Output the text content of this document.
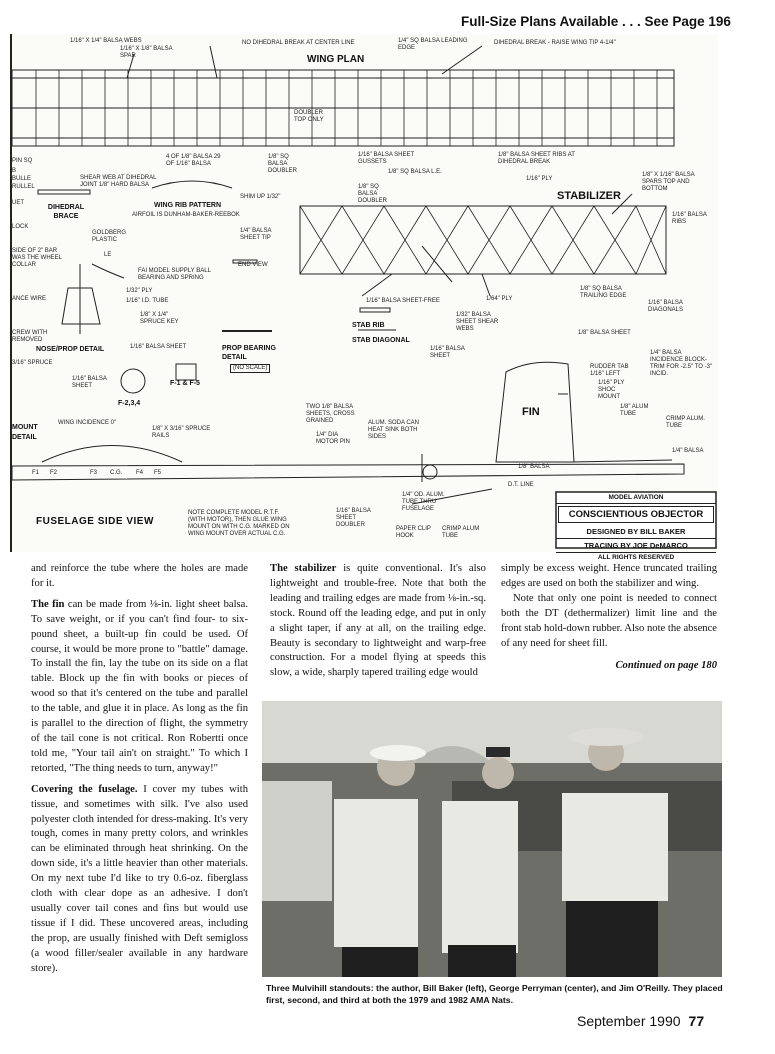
Full-Size Plans Available . . . See Page 196
WING PLAN
STABILIZER
FIN
FUSELAGE SIDE VIEW
1/16" X 1/4" BALSA WEBS
1/16" X 1/8" BALSA SPAR
NO DIHEDRAL BREAK AT CENTER LINE	1/4" SQ BALSA LEADING EDGE
DIHEDRAL BREAK - RAISE WING TIP 4-1/4"
DOUBLER TOP ONLY
SHEAR WEB AT DIHEDRAL JOINT 1/8" HARD BALSA
DIHEDRAL BRACE
4 OF 1/8" BALSA 29 OF 1/16" BALSA
WING RIB PATTERN
AIRFOIL IS DUNHAM-BAKER-REEBOK
1/8" SQ BALSA DOUBLER
SHIM UP 1/32"
1/16" BALSA SHEET GUSSETS
1/8" SQ BALSA L.E.
1/8" SQ BALSA DOUBLER
1/8" BALSA SHEET RIBS AT DIHEDRAL BREAK
1/16" PLY
1/8" X 1/16" BALSA SPARS TOP AND BOTTOM
1/16" BALSA RIBS
1/4" BALSA SHEET TIP
END VIEW
GOLDBERG PLASTIC
SIDE OF 2" BAR WAS THE WHEEL COLLAR
LE
FAI MODEL SUPPLY BALL BEARING AND SPRING
1/32" PLY
1/16" I.D. TUBE
1/8" X 1/4" SPRUCE KEY
NOSE/PROP DETAIL	1/16" BALSA SHEET
1/16" BALSA SHEET	F-1 & F-5
F-2,3,4
PROP BEARING DETAIL
(NO SCALE)
STAB RIB
STAB DIAGONAL
1/16" BALSA SHEET-FREE
1/32" BALSA SHEET SHEAR WEBS
1/64" PLY
1/8" SQ BALSA TRAILING EDGE
1/16" BALSA DIAGONALS
1/8" BALSA SHEET
1/16" BALSA SHEET
RUDDER TAB 1/16" LEFT
1/16" PLY SHOC MOUNT
1/8" ALUM TUBE
1/4" BALSA INCIDENCE BLOCK-TRIM FOR -2.5" TO -3" INCID.
CRIMP ALUM. TUBE
1/4" BALSA
TWO 1/8" BALSA SHEETS, CROSS GRAINED
1/4" DIA MOTOR PIN
ALUM. SODA CAN HEAT SINK BOTH SIDES
1/8" BALSA
D.T. LINE
1/8" X 3/16" SPRUCE RAILS
WING INCIDENCE 0"
3/16" SPRUCE
MOUNT
DETAIL
1/16" BALSA SHEET DOUBLER
1/4" OD. ALUM. TUBE THRU FUSELAGE
PAPER CLIP HOOK
CRIMP ALUM TUBE
NOTE COMPLETE MODEL R.T.F. (WITH MOTOR), THEN GLUE WING MOUNT ON WITH C.G. MARKED ON WING MOUNT OVER ACTUAL C.G.
PIN SQ
B
BULLE
RULLEL
UET
LOCK
ANCE WIRE
CREW WITH REMOVED
F1 F2	F3 C.G. F4 F5
MODEL AVIATION
CONSCIENTIOUS OBJECTOR
DESIGNED BY BILL BAKER
TRACING BY JOE DeMARCO
ALL RIGHTS RESERVED

and reinforce the tube where the holes are made for it.

The fin can be made from ⅛-in. light sheet balsa. To save weight, or if you can't find four- to six-pound sheet, a built-up fin could be used. Of course, it would be more prone to "battle" damage. To install the fin, lay the tube on its side on a flat table. Block up the fin with books or pieces of wood so that it's centered on the tube and parallel to the table, and glue it in place. As long as the fin is parallel to the direction of flight, the symmetry of the tail cone is not critical. Ron Robertti once told me, "Your tail ain't on straight." To which I retorted, "The thing needs to turn, anyway!"

Covering the fuselage. I cover my tubes with tissue, and sometimes with silk. I've also used polyester cloth intended for dress-making. It's very tough, comes in many pretty colors, and wrinkles can be eliminated through heat shrinking. On the down side, it's a little heavier than other materials. On my next tube I'd like to try 0.6-oz. fiberglass cloth with clear dope as an adhesive. I don't usually cover tail cones and fins but would use tissue if I did. These uncovered areas, including the prop, are usually finished with Deft semigloss (a wood filler/sealer available in any hardware store).

The stabilizer is quite conventional. It's also lightweight and trouble-free. Note that both the leading and trailing edges are made from ⅛-in.-sq. stock. Round off the leading edge, and put in only a slight taper, if any at all, on the trailing edge. Beauty is secondary to lightweight and warp-free construction. For a model flying at speeds this slow, a wide, sharply tapered trailing edge would

simply be excess weight. Hence truncated trailing edges are used on both the stabilizer and wing.

Note that only one point is needed to connect both the DT (dethermalizer) limit line and the front stab hold-down rubber. Also note the absence of any need for sheet fill.

Continued on page 180

Three Mulvihill standouts: the author, Bill Baker (left), George Perryman (center), and Jim O'Reilly. They placed first, second, and third at both the 1979 and 1982 AMA Nats.
September 1990 77
